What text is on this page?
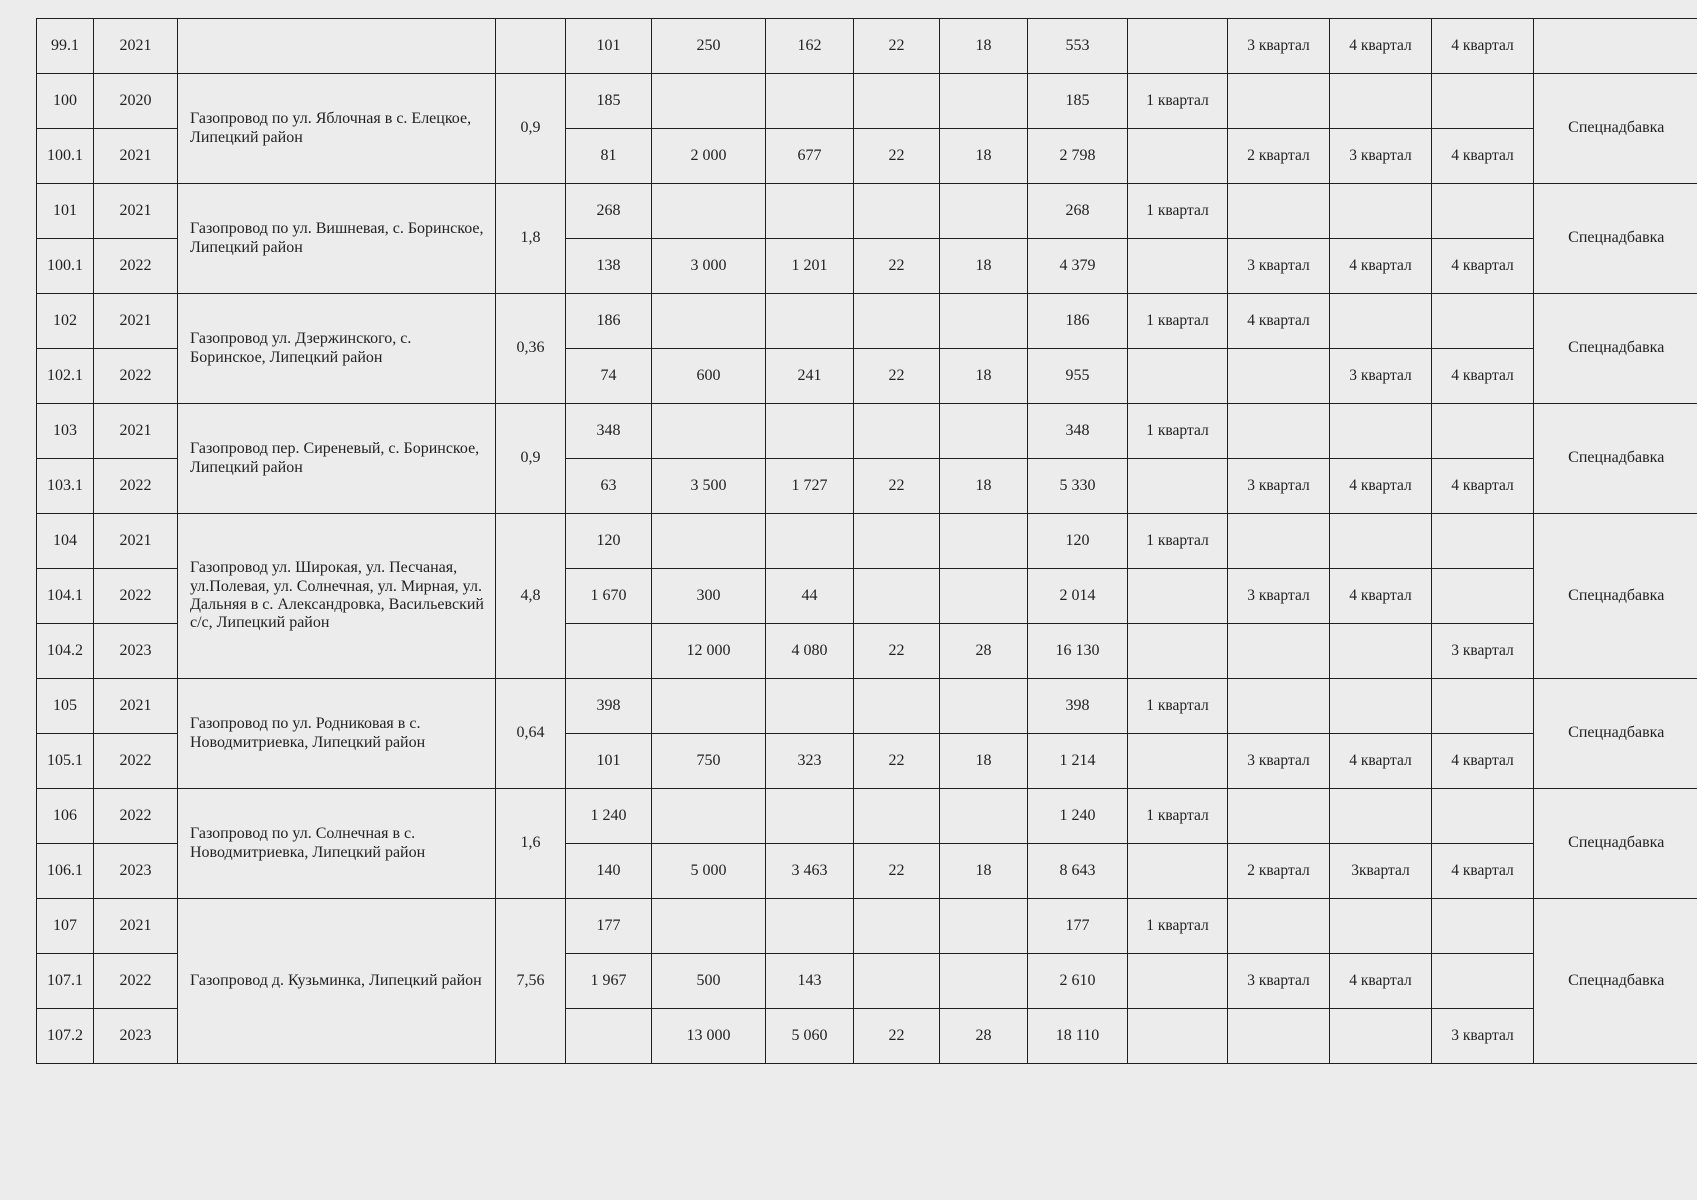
99.1	2021			101	250	162	22	18	553		3 квартал	4 квартал	4 квартал	
100	2020	Газопровод по ул. Яблочная в с. Елецкое, Липецкий район	0,9	185					185	1 квартал				Спецнадбавка
100.1	2021			81	2 000	677	22	18	2 798		2 квартал	3 квартал	4 квартал	
101	2021	Газопровод по ул. Вишневая, с. Боринское, Липецкий район	1,8	268					268	1 квартал				Спецнадбавка
100.1	2022			138	3 000	1 201	22	18	4 379		3 квартал	4 квартал	4 квартал	
102	2021	Газопровод ул. Дзержинского, с. Боринское, Липецкий район	0,36	186					186	1 квартал	4 квартал			Спецнадбавка
102.1	2022			74	600	241	22	18	955			3 квартал	4 квартал	
103	2021	Газопровод пер. Сиреневый, с. Боринское, Липецкий район	0,9	348					348	1 квартал				Спецнадбавка
103.1	2022			63	3 500	1 727	22	18	5 330		3 квартал	4 квартал	4 квартал	
104	2021	Газопровод ул. Широкая, ул. Песчаная, ул.Полевая, ул. Солнечная, ул. Мирная, ул. Дальняя в с. Александровка, Васильевский с/с, Липецкий район	4,8	120					120	1 квартал				Спецнадбавка
104.1	2022			1 670	300	44			2 014		3 квартал	4 квартал		
104.2	2023				12 000	4 080	22	28	16 130				3 квартал	
105	2021	Газопровод по ул. Родниковая в с. Новодмитриевка, Липецкий район	0,64	398					398	1 квартал				Спецнадбавка
105.1	2022			101	750	323	22	18	1 214		3 квартал	4 квартал	4 квартал	
106	2022	Газопровод по ул. Солнечная в с. Новодмитриевка, Липецкий район	1,6	1 240					1 240	1 квартал				Спецнадбавка
106.1	2023			140	5 000	3 463	22	18	8 643		2 квартал	3квартал	4 квартал	
107	2021	Газопровод д. Кузьминка, Липецкий район	7,56	177					177	1 квартал				Спецнадбавка
107.1	2022			1 967	500	143			2 610		3 квартал	4 квартал		
107.2	2023				13 000	5 060	22	28	18 110				3 квартал	
